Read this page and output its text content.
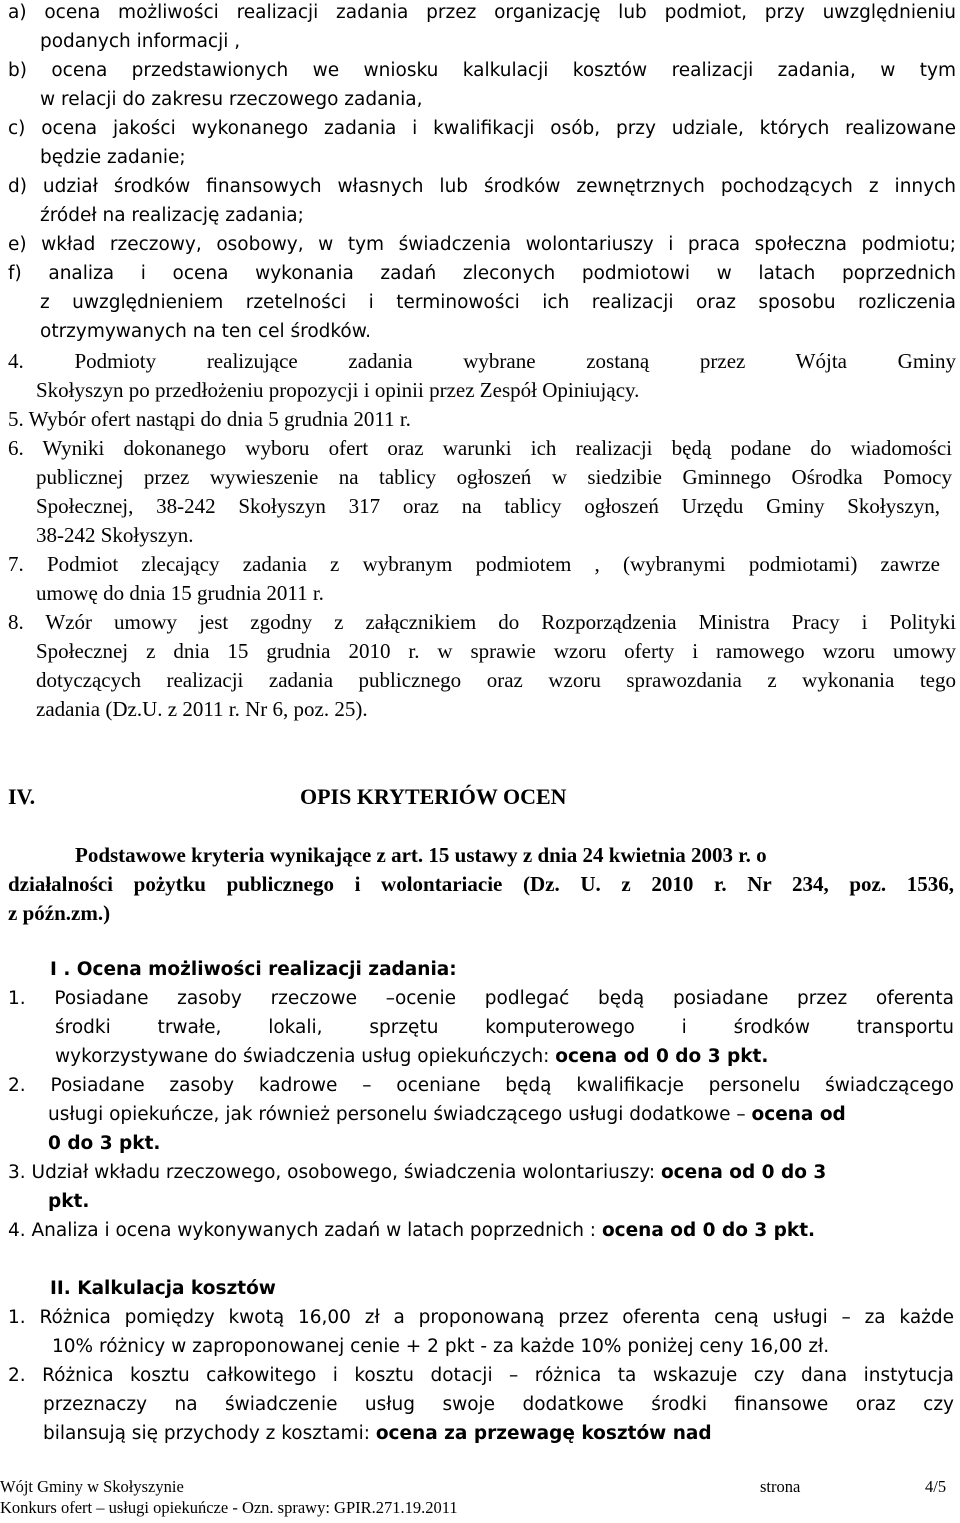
a) ocena możliwości realizacji zadania przez organizację lub podmiot, przy uwzględnieniu
podanych informacji ,
b) ocena przedstawionych we wniosku kalkulacji kosztów realizacji zadania, w tym
w relacji do zakresu rzeczowego zadania,
c) ocena jakości wykonanego zadania i kwalifikacji osób, przy udziale, których realizowane
będzie zadanie;
d) udział środków finansowych własnych lub środków zewnętrznych pochodzących z innych
źródeł na realizację zadania;
e) wkład rzeczowy, osobowy, w tym świadczenia wolontariuszy i praca społeczna podmiotu;
f) analiza i ocena wykonania zadań zleconych podmiotowi w latach poprzednich
z uwzględnieniem rzetelności i terminowości ich realizacji oraz sposobu rozliczenia
otrzymywanych na ten cel środków.
4. Podmioty realizujące zadania wybrane zostaną przez Wójta Gminy
Skołyszyn po przedłożeniu propozycji i opinii przez Zespół Opiniujący.
5. Wybór ofert nastąpi do dnia 5 grudnia 2011 r.
6. Wyniki dokonanego wyboru ofert oraz warunki ich realizacji będą podane do wiadomości
publicznej przez wywieszenie na tablicy ogłoszeń w siedzibie Gminnego Ośrodka Pomocy
Społecznej, 38-242 Skołyszyn 317 oraz na tablicy ogłoszeń Urzędu Gminy Skołyszyn,
38-242 Skołyszyn.
7. Podmiot zlecający zadania z wybranym podmiotem , (wybranymi podmiotami) zawrze
umowę do dnia 15 grudnia 2011 r.
8. Wzór umowy jest zgodny z załącznikiem do Rozporządzenia Ministra Pracy i Polityki
Społecznej z dnia 15 grudnia 2010 r. w sprawie wzoru oferty i ramowego wzoru umowy
dotyczących realizacji zadania publicznego oraz wzoru sprawozdania z wykonania tego
zadania (Dz.U. z 2011 r. Nr 6, poz. 25).
IV.	OPIS KRYTERIÓW OCEN
Podstawowe kryteria wynikające z art. 15 ustawy z dnia 24 kwietnia 2003 r. o
działalności pożytku publicznego i wolontariacie (Dz. U. z 2010 r. Nr 234, poz. 1536,
z późn.zm.)
I . Ocena możliwości realizacji zadania:
1. Posiadane zasoby rzeczowe –ocenie podlegać będą posiadane przez oferenta
środki trwałe, lokali, sprzętu komputerowego i środków transportu
wykorzystywane do świadczenia usług opiekuńczych: ocena od 0 do 3 pkt.
2. Posiadane zasoby kadrowe – oceniane będą kwalifikacje personelu świadczącego
usługi opiekuńcze, jak również personelu świadczącego usługi dodatkowe – ocena od
0 do 3 pkt.
3. Udział wkładu rzeczowego, osobowego, świadczenia wolontariuszy: ocena od 0 do 3
pkt.
4. Analiza i ocena wykonywanych zadań w latach poprzednich : ocena od 0 do 3 pkt.
II. Kalkulacja kosztów
1. Różnica pomiędzy kwotą 16,00 zł a proponowaną przez oferenta ceną usługi – za każde
10% różnicy w zaproponowanej cenie + 2 pkt - za każde 10% poniżej ceny 16,00 zł.
2. Różnica kosztu całkowitego i kosztu dotacji – różnica ta wskazuje czy dana instytucja
przeznaczy na świadczenie usług swoje dodatkowe środki finansowe oraz czy
bilansują się przychody z kosztami: ocena za przewagę kosztów nad
Wójt Gminy w Skołyszynie	strona	4/5
Konkurs ofert – usługi opiekuńcze - Ozn. sprawy: GPIR.271.19.2011
